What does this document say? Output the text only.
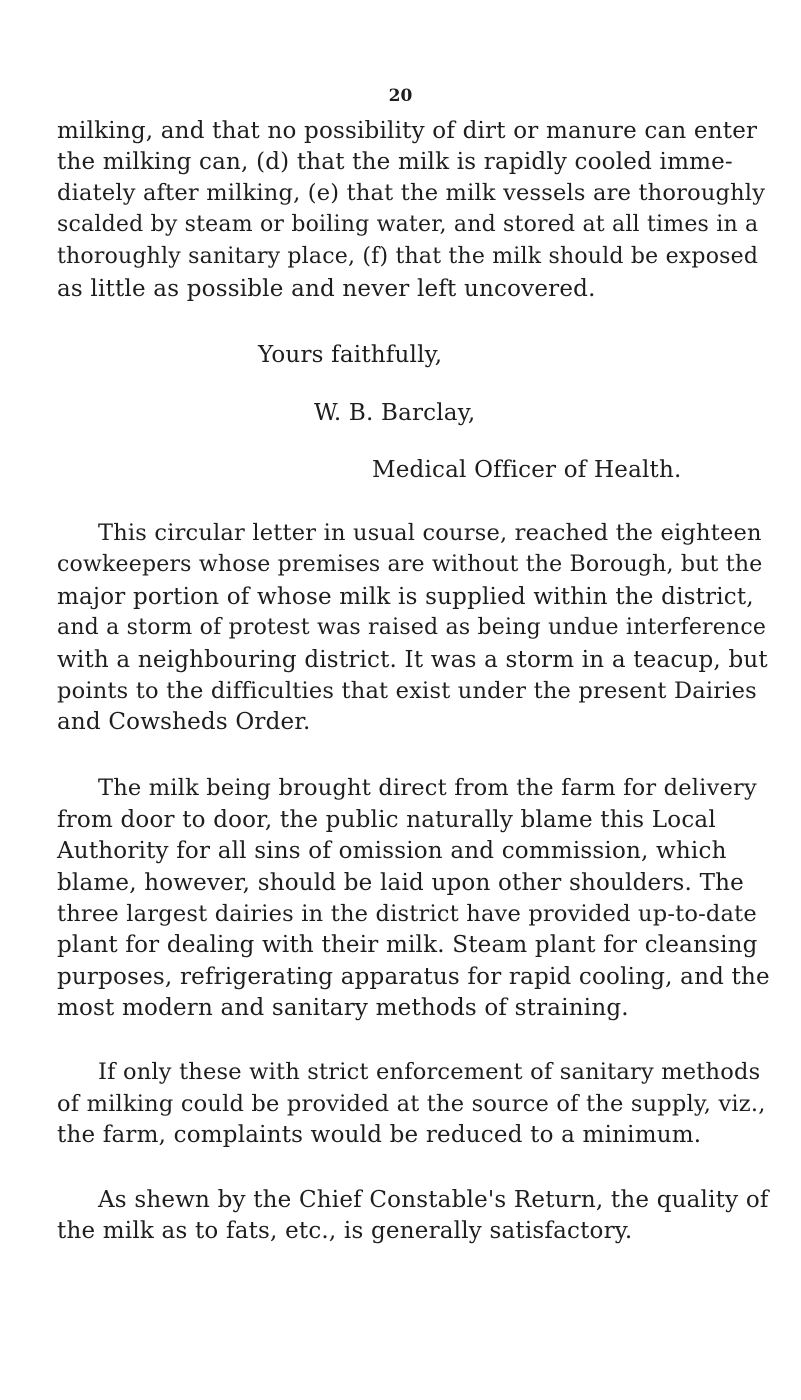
20
milking, and that no possibility of dirt or manure can enter
the milking can, (d) that the milk is rapidly cooled imme-
diately after milking, (e) that the milk vessels are thoroughly
scalded by steam or boiling water, and stored at all times in a
thoroughly sanitary place, (f) that the milk should be exposed
as little as possible and never left uncovered.
Yours faithfully,
W. B. Barclay,
Medical Officer of Health.
This circular letter in usual course, reached the eighteen
cowkeepers whose premises are without the Borough, but the
major portion of whose milk is supplied within the district,
and a storm of protest was raised as being undue interference
with a neighbouring district. It was a storm in a teacup, but
points to the difficulties that exist under the present Dairies
and Cowsheds Order.
The milk being brought direct from the farm for delivery
from door to door, the public naturally blame this Local
Authority for all sins of omission and commission, which
blame, however, should be laid upon other shoulders. The
three largest dairies in the district have provided up-to-date
plant for dealing with their milk. Steam plant for cleansing
purposes, refrigerating apparatus for rapid cooling, and the
most modern and sanitary methods of straining.
If only these with strict enforcement of sanitary methods
of milking could be provided at the source of the supply, viz.,
the farm, complaints would be reduced to a minimum.
As shewn by the Chief Constable's Return, the quality of
the milk as to fats, etc., is generally satisfactory.
